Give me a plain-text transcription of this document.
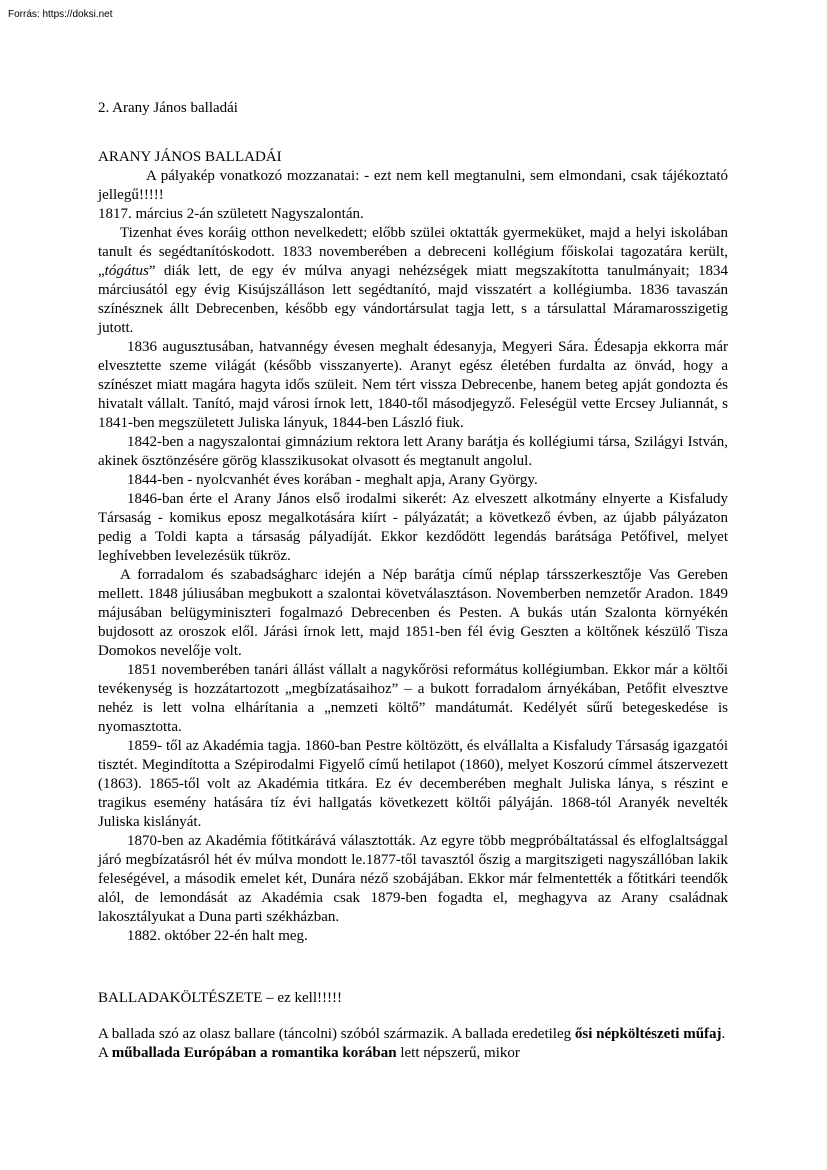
Forrás: https://doksi.net
2. Arany János balladái
ARANY JÁNOS BALLADÁI

A pályakép vonatkozó mozzanatai: - ezt nem kell megtanulni, sem elmondani, csak tájékoztató jellegű!!!!!

1817. március 2-án született Nagyszalontán.

Tizenhat éves koráig otthon nevelkedett; előbb szülei oktatták gyermeküket, majd a helyi iskolában tanult és segédtanítóskodott. 1833 novemberében a debreceni kollégium főiskolai tagozatára került, „tógátus” diák lett, de egy év múlva anyagi nehézségek miatt megszakította tanulmányait; 1834 márciusától egy évig Kisújszálláson lett segédtanító, majd visszatért a kollégiumba. 1836 tavaszán színésznek állt Debrecenben, később egy vándortársulat tagja lett, s a társulattal Máramarosszigetig jutott.

1836 augusztusában, hatvannégy évesen meghalt édesanyja, Megyeri Sára. Édesapja ekkorra már elvesztette szeme világát (később visszanyerte). Aranyt egész életében furdalta az önvád, hogy a színészet miatt magára hagyta idős szüleit. Nem tért vissza Debrecenbe, hanem beteg apját gondozta és hivatalt vállalt. Tanító, majd városi írnok lett, 1840-től másodjegyző. Feleségül vette Ercsey Juliannát, s 1841-ben megszületett Juliska lányuk, 1844-ben László fiuk.

1842-ben a nagyszalontai gimnázium rektora lett Arany barátja és kollégiumi társa, Szilágyi István, akinek ösztönzésére görög klasszikusokat olvasott és megtanult angolul.

1844-ben - nyolcvanhét éves korában - meghalt apja, Arany György.

1846-ban érte el Arany János első irodalmi sikerét: Az elveszett alkotmány elnyerte a Kisfaludy Társaság - komikus eposz megalkotására kiírt - pályázatát; a következő évben, az újabb pályázaton pedig a Toldi kapta a társaság pályadíját. Ekkor kezdődött legendás barátsága Petőfivel, melyet leghívebben levelezésük tükröz.

A forradalom és szabadságharc idején a Nép barátja című néplap társszerkesztője Vas Gereben mellett. 1848 júliusában megbukott a szalontai követválasztáson. Novemberben nemzetőr Aradon. 1849 májusában belügyminiszteri fogalmazó Debrecenben és Pesten. A bukás után Szalonta környékén bujdosott az oroszok elől. Járási írnok lett, majd 1851-ben fél évig Geszten a költőnek készülő Tisza Domokos nevelője volt.

1851 novemberében tanári állást vállalt a nagykőrösi református kollégiumban. Ekkor már a költői tevékenység is hozzátartozott „megbízatásaihoz” – a bukott forradalom árnyékában, Petőfit elvesztve nehéz is lett volna elhárítania a „nemzeti költő” mandátumát. Kedélyét sűrű betegeskedése is nyomasztotta.

1859- től az Akadémia tagja. 1860-ban Pestre költözött, és elvállalta a Kisfaludy Társaság igazgatói tisztét. Megindította a Szépirodalmi Figyelő című hetilapot (1860), melyet Koszorú címmel átszervezett (1863). 1865-től volt az Akadémia titkára. Ez év decemberében meghalt Juliska lánya, s részint e tragikus esemény hatására tíz évi hallgatás következett költői pályáján. 1868-tól Aranyék nevelték Juliska kislányát.

1870-ben az Akadémia főtitkárává választották. Az egyre több megpróbáltatással és elfoglaltsággal járó megbízatásról hét év múlva mondott le.1877-től tavasztól őszig a margitszigeti nagyszállóban lakik feleségével, a második emelet két, Dunára néző szobájában. Ekkor már felmentették a főtitkári teendők alól, de lemondását az Akadémia csak 1879-ben fogadta el, meghagyva az Arany családnak lakosztályukat a Duna parti székházban.

1882. október 22-én halt meg.

BALLADAKÖLTÉSZETE – ez kell!!!!!

A ballada szó az olasz ballare (táncolni) szóból származik. A ballada eredetileg ősi népköltészeti műfaj. A műballada Európában a romantika korában lett népszerű, mikor
